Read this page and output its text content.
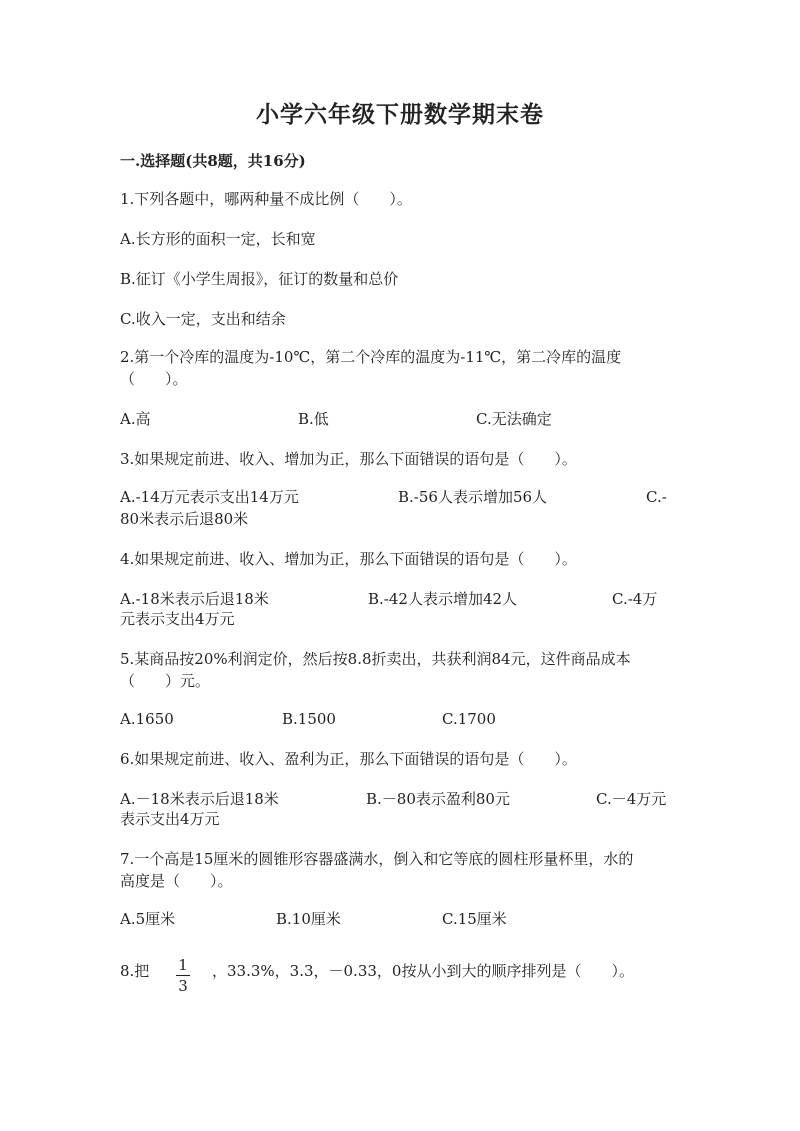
小学六年级下册数学期末卷
一.选择题(共8题，共16分)
1.下列各题中，哪两种量不成比例（　　）。
A.长方形的面积一定，长和宽
B.征订《小学生周报》，征订的数量和总价
C.收入一定，支出和结余
2.第一个冷库的温度为-10℃，第二个冷库的温度为-11℃，第二冷库的温度
（　　）。
A.高	B.低	C.无法确定
3.如果规定前进、收入、增加为正，那么下面错误的语句是（　　）。
A.-14万元表示支出14万元	B.-56人表示增加56人	C.-
80米表示后退80米
4.如果规定前进、收入、增加为正，那么下面错误的语句是（　　）。
A.-18米表示后退18米	B.-42人表示增加42人	C.-4万
元表示支出4万元
5.某商品按20%利润定价，然后按8.8折卖出，共获利润84元，这件商品成本
（　　）元。
A.1650	B.1500	C.1700
6.如果规定前进、收入、盈利为正，那么下面错误的语句是（　　）。
A.－18米表示后退18米	B.－80表示盈利80元	C.－4万元
表示支出4万元
7.一个高是15厘米的圆锥形容器盛满水，倒入和它等底的圆柱形量杯里，水的
高度是（　　）。
A.5厘米	B.10厘米	C.15厘米
8.把 1
3
，33.3%，3.3，－0.33，0按从小到大的顺序排列是（　　）。
